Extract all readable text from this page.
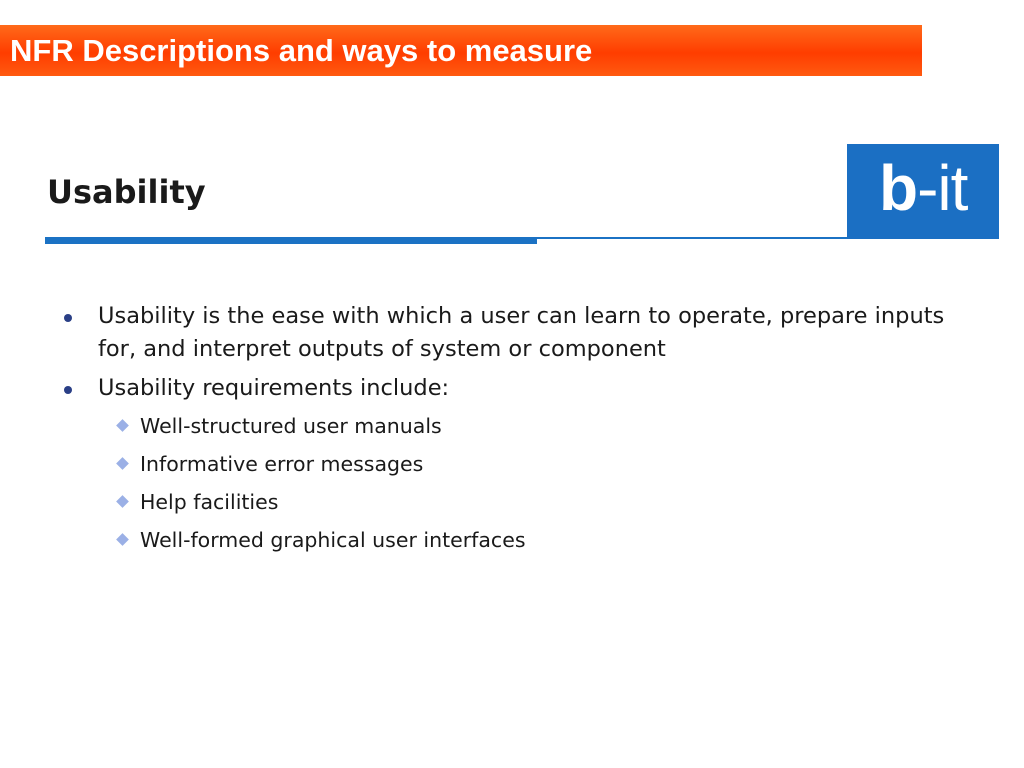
NFR Descriptions and ways to measure
Usability	b-it
Usability is the ease with which a user can learn to operate, prepare inputs for, and interpret outputs of system or component
Usability requirements include:
Well-structured user manuals
Informative error messages
Help facilities
Well-formed graphical user interfaces
